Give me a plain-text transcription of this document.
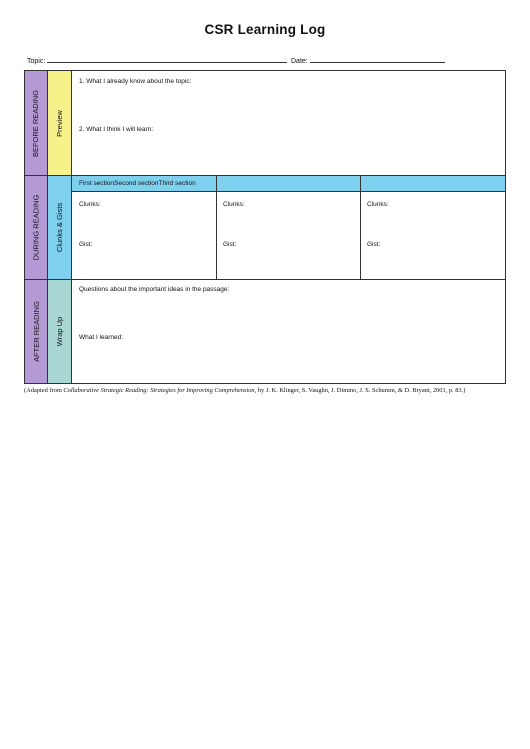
CSR Learning Log
Topic:	Date:
BEFORE READING Preview
1. What I already know about the topic:
2. What I think I will learn:
DURING READING Clunks & Gists
First sectionSecond sectionThird section
Clunks:
Gist:
Clunks:
Gist:
Clunks:
Gist:
AFTER READING Wrap Up
Questions about the important ideas in the passage:
What I learned:
(Adapted from Collaborative Strategic Reading: Strategies for Improving Comprehension, by J. K. Klinger, S. Vaughn, J. Dimino, J. S. Schumm, & D. Bryant, 2001, p. 83.)
